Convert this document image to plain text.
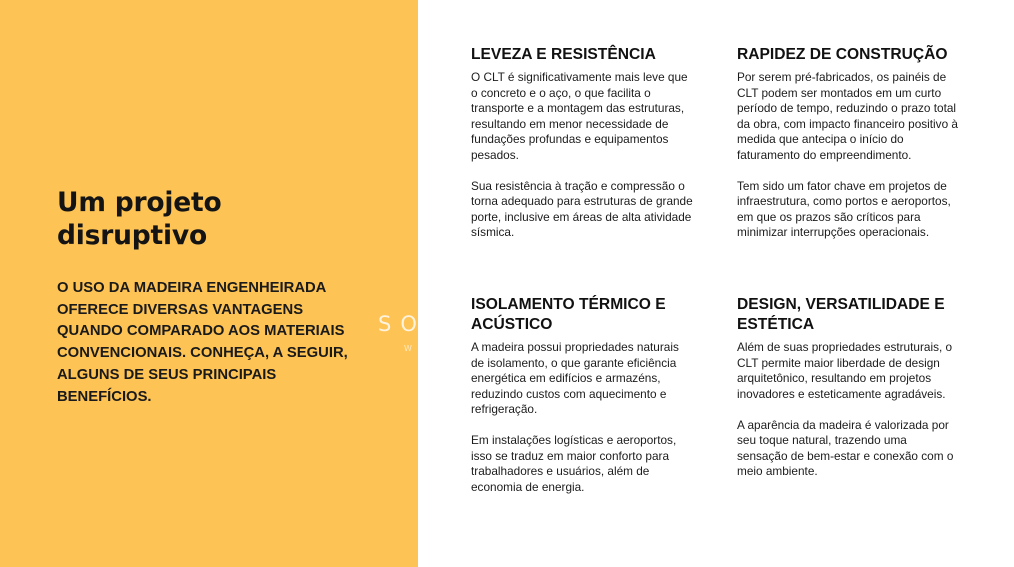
Um projeto disruptivo

O USO DA MADEIRA ENGENHEIRADA OFERECE DIVERSAS VANTAGENS QUANDO COMPARADO AOS MATERIAIS CONVENCIONAIS. CONHEÇA, A SEGUIR, ALGUNS DE SEUS PRINCIPAIS BENEFÍCIOS.

LEVEZA E RESISTÊNCIA

O CLT é significativamente mais leve que o concreto e o aço, o que facilita o transporte e a montagem das estruturas, resultando em menor necessidade de fundações profundas e equipamentos pesados.

Sua resistência à tração e compressão o torna adequado para estruturas de grande porte, inclusive em áreas de alta atividade sísmica.

RAPIDEZ DE CONSTRUÇÃO

Por serem pré-fabricados, os painéis de CLT podem ser montados em um curto período de tempo, reduzindo o prazo total da obra, com impacto financeiro positivo à medida que antecipa o início do faturamento do empreendimento.

Tem sido um fator chave em projetos de infraestrutura, como portos e aeroportos, em que os prazos são críticos para minimizar interrupções operacionais.

ISOLAMENTO TÉRMICO E ACÚSTICO

A madeira possui propriedades naturais de isolamento, o que garante eficiência energética em edifícios e armazéns, reduzindo custos com aquecimento e refrigeração.

Em instalações logísticas e aeroportos, isso se traduz em maior conforto para trabalhadores e usuários, além de economia de energia.

DESIGN, VERSATILIDADE E ESTÉTICA

Além de suas propriedades estruturais, o CLT permite maior liberdade de design arquitetônico, resultando em projetos inovadores e esteticamente agradáveis.

A aparência da madeira é valorizada por seu toque natural, trazendo uma sensação de bem-estar e conexão com o meio ambiente.

SO
W
